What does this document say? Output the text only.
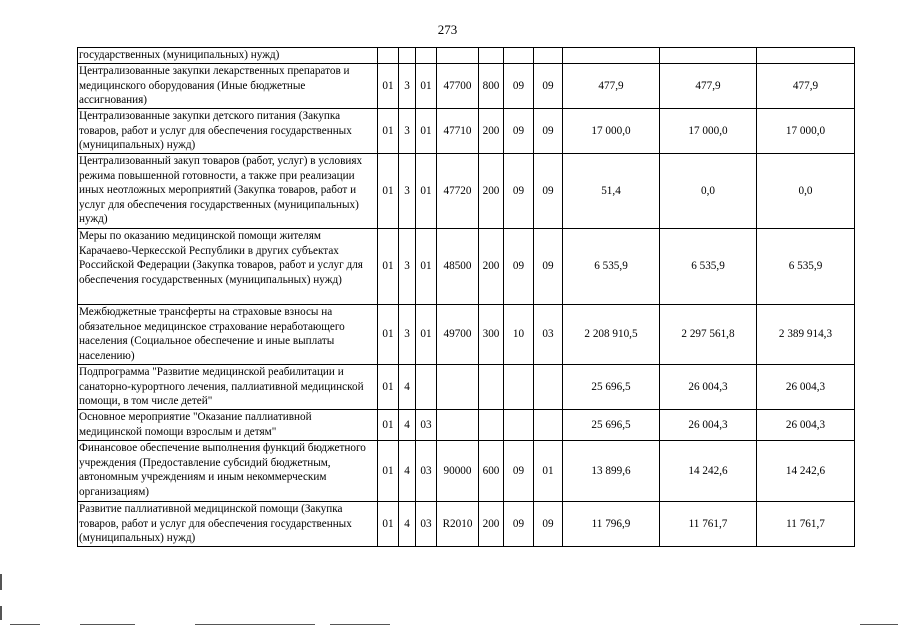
273
государственных (муниципальных) нужд)										
Централизованные закупки лекарственных препаратов и медицинского оборудования (Иные бюджетные ассигнования)	01	3	01	47700	800	09	09	477,9	477,9	477,9
Централизованные закупки детского питания (Закупка товаров, работ и услуг для обеспечения государственных (муниципальных) нужд)	01	3	01	47710	200	09	09	17 000,0	17 000,0	17 000,0
Централизованный закуп товаров (работ, услуг) в условиях режима повышенной готовности, а также при реализации иных неотложных мероприятий (Закупка товаров, работ и услуг для обеспечения государственных (муниципальных) нужд)	01	3	01	47720	200	09	09	51,4	0,0	0,0
Меры по оказанию медицинской помощи жителям Карачаево-Черкесской Республики в других субъектах Российской Федерации (Закупка товаров, работ и услуг для обеспечения государственных (муниципальных) нужд)	01	3	01	48500	200	09	09	6 535,9	6 535,9	6 535,9
Межбюджетные трансферты на страховые взносы на обязательное медицинское страхование неработающего населения (Социальное обеспечение и иные выплаты населению)	01	3	01	49700	300	10	03	2 208 910,5	2 297 561,8	2 389 914,3
Подпрограмма "Развитие медицинской реабилитации и санаторно-курортного лечения, паллиативной медицинской помощи, в том числе детей"	01	4						25 696,5	26 004,3	26 004,3
Основное мероприятие "Оказание паллиативной медицинской помощи взрослым и детям"	01	4	03					25 696,5	26 004,3	26 004,3
Финансовое обеспечение выполнения функций бюджетного учреждения (Предоставление субсидий бюджетным, автономным учреждениям и иным некоммерческим организациям)	01	4	03	90000	600	09	01	13 899,6	14 242,6	14 242,6
Развитие паллиативной медицинской помощи (Закупка товаров, работ и услуг для обеспечения государственных (муниципальных) нужд)	01	4	03	R2010	200	09	09	11 796,9	11 761,7	11 761,7
